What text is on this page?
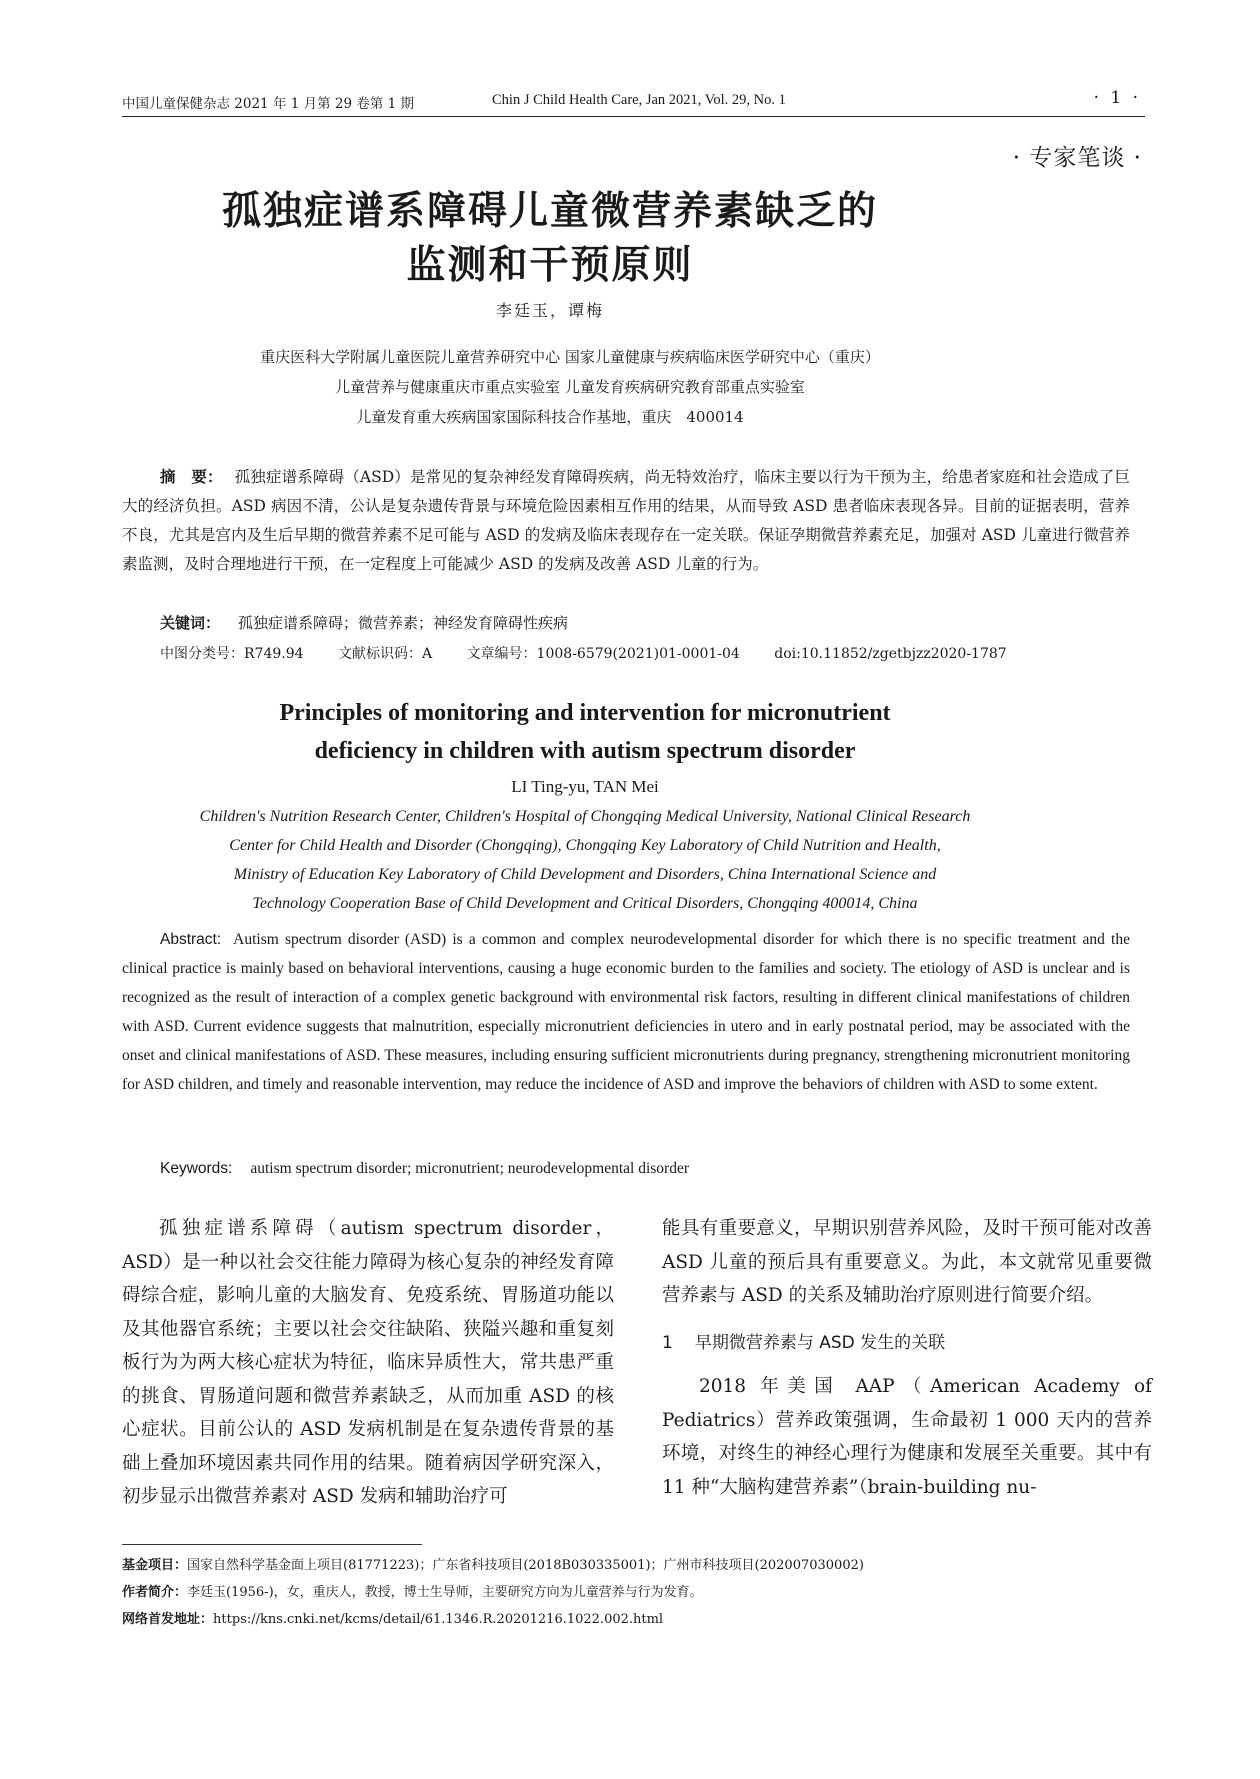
中国儿童保健杂志 2021 年 1 月第 29 卷第 1 期	Chin J Child Health Care, Jan 2021, Vol. 29, No. 1	· 1 ·
· 专家笔谈 ·
孤独症谱系障碍儿童微营养素缺乏的
监测和干预原则
李廷玉，谭梅
重庆医科大学附属儿童医院儿童营养研究中心 国家儿童健康与疾病临床医学研究中心（重庆）
儿童营养与健康重庆市重点实验室 儿童发育疾病研究教育部重点实验室
儿童发育重大疾病国家国际科技合作基地，重庆　400014
摘　要： 孤独症谱系障碍（ASD）是常见的复杂神经发育障碍疾病，尚无特效治疗，临床主要以行为干预为主，给患者家庭和社会造成了巨大的经济负担。ASD 病因不清，公认是复杂遗传背景与环境危险因素相互作用的结果，从而导致 ASD 患者临床表现各异。目前的证据表明，营养不良，尤其是宫内及生后早期的微营养素不足可能与 ASD 的发病及临床表现存在一定关联。保证孕期微营养素充足，加强对 ASD 儿童进行微营养素监测，及时合理地进行干预，在一定程度上可能减少 ASD 的发病及改善 ASD 儿童的行为。
关键词： 孤独症谱系障碍；微营养素；神经发育障碍性疾病
中图分类号：R749.94 文献标识码：A 文章编号：1008-6579(2021)01-0001-04 doi:10.11852/zgetbjzz2020-1787
Principles of monitoring and intervention for micronutrient
deficiency in children with autism spectrum disorder
LI Ting-yu, TAN Mei
Children's Nutrition Research Center, Children's Hospital of Chongqing Medical University, National Clinical Research
Center for Child Health and Disorder (Chongqing), Chongqing Key Laboratory of Child Nutrition and Health,
Ministry of Education Key Laboratory of Child Development and Disorders, China International Science and
Technology Cooperation Base of Child Development and Critical Disorders, Chongqing 400014, China
Abstract: Autism spectrum disorder (ASD) is a common and complex neurodevelopmental disorder for which there is no specific treatment and the clinical practice is mainly based on behavioral interventions, causing a huge economic burden to the families and society. The etiology of ASD is unclear and is recognized as the result of interaction of a complex genetic background with environmental risk factors, resulting in different clinical manifestations of children with ASD. Current evidence suggests that malnutrition, especially micronutrient deficiencies in utero and in early postnatal period, may be associated with the onset and clinical manifestations of ASD. These measures, including ensuring sufficient micronutrients during pregnancy, strengthening micronutrient monitoring for ASD children, and timely and reasonable intervention, may reduce the incidence of ASD and improve the behaviors of children with ASD to some extent.
Keywords: autism spectrum disorder; micronutrient; neurodevelopmental disorder

孤独症谱系障碍（autism spectrum disorder，ASD）是一种以社会交往能力障碍为核心复杂的神经发育障碍综合症，影响儿童的大脑发育、免疫系统、胃肠道功能以及其他器官系统；主要以社会交往缺陷、狭隘兴趣和重复刻板行为为两大核心症状为特征，临床异质性大，常共患严重的挑食、胃肠道问题和微营养素缺乏，从而加重 ASD 的核心症状。目前公认的 ASD 发病机制是在复杂遗传背景的基础上叠加环境因素共同作用的结果。随着病因学研究深入，初步显示出微营养素对 ASD 发病和辅助治疗可

能具有重要意义，早期识别营养风险，及时干预可能对改善 ASD 儿童的预后具有重要意义。为此，本文就常见重要微营养素与 ASD 的关系及辅助治疗原则进行简要介绍。

1 早期微营养素与 ASD 发生的关联

2018 年美国 AAP（American Academy of Pediatrics）营养政策强调，生命最初 1 000 天内的营养环境，对终生的神经心理行为健康和发展至关重要。其中有 11 种“大脑构建营养素”（brain-building nu-

基金项目：国家自然科学基金面上项目(81771223)；广东省科技项目(2018B030335001)；广州市科技项目(202007030002)
作者简介：李廷玉(1956-)，女，重庆人，教授，博士生导师，主要研究方向为儿童营养与行为发育。
网络首发地址：https://kns.cnki.net/kcms/detail/61.1346.R.20201216.1022.002.html
